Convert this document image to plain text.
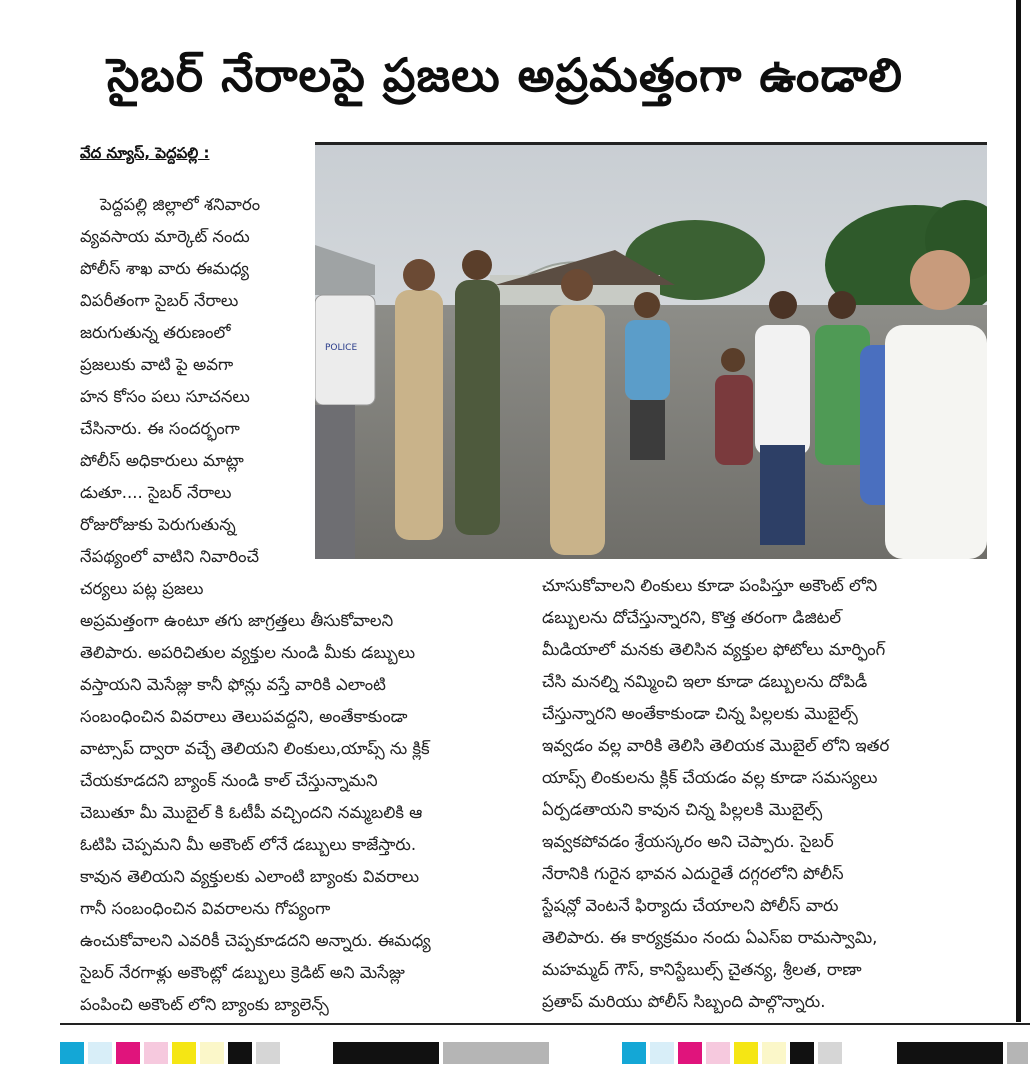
సైబర్ నేరాలపై ప్రజలు అప్రమత్తంగా ఉండాలి
వేద న్యూస్, పెద్దపల్లి :
పెద్దపల్లి జిల్లాలో శనివారం
వ్యవసాయ మార్కెట్ నందు
పోలీస్ శాఖ వారు ఈమధ్య
విపరీతంగా సైబర్ నేరాలు
జరుగుతున్న తరుణంలో
ప్రజలుకు వాటి పై అవగా
హన కోసం పలు సూచనలు
చేసినారు. ఈ సందర్భంగా
పోలీస్ అధికారులు మాట్లా
డుతూ.... సైబర్ నేరాలు
రోజురోజుకు పెరుగుతున్న
నేపథ్యంలో వాటిని నివారించే
చర్యలు పట్ల ప్రజలు
అప్రమత్తంగా ఉంటూ తగు జాగ్రత్తలు తీసుకోవాలని
తెలిపారు. అపరిచితుల వ్యక్తుల నుండి మీకు డబ్బులు
వస్తాయని మెసేజ్లు కానీ ఫోన్లు వస్తే వారికి ఎలాంటి
సంబంధించిన వివరాలు తెలుపవద్దని, అంతేకాకుండా
వాట్సాప్ ద్వారా వచ్చే తెలియని లింకులు,యాప్స్ ను క్లిక్
చేయకూడదని బ్యాంక్ నుండి కాల్ చేస్తున్నామని
చెబుతూ మీ మొబైల్ కి ఓటీపీ వచ్చిందని నమ్మబలికి ఆ
ఓటిపి చెప్పమని మీ అకౌంట్ లోనే డబ్బులు కాజేస్తారు.
కావున తెలియని వ్యక్తులకు ఎలాంటి బ్యాంకు వివరాలు
గానీ సంబంధించిన వివరాలను గోప్యంగా
ఉంచుకోవాలని ఎవరికీ చెప్పకూడదని అన్నారు. ఈమధ్య
సైబర్ నేరగాళ్లు అకౌంట్లో డబ్బులు క్రెడిట్ అని మెసేజ్లు
పంపించి అకౌంట్ లోని బ్యాంకు బ్యాలెన్స్
చూసుకోవాలని లింకులు కూడా పంపిస్తూ అకౌంట్ లోని
డబ్బులను దోచేస్తున్నారని, కొత్త తరంగా డిజిటల్
మీడియాలో మనకు తెలిసిన వ్యక్తుల ఫోటోలు మార్ఫింగ్
చేసి మనల్ని నమ్మించి ఇలా కూడా డబ్బులను దోపిడీ
చేస్తున్నారని అంతేకాకుండా చిన్న పిల్లలకు మొబైల్స్
ఇవ్వడం వల్ల వారికి తెలిసి తెలియక మొబైల్ లోని ఇతర
యాప్స్ లింకులను క్లిక్ చేయడం వల్ల కూడా సమస్యలు
ఏర్పడతాయని కావున చిన్న పిల్లలకి మొబైల్స్
ఇవ్వకపోవడం శ్రేయస్కరం అని చెప్పారు. సైబర్
నేరానికి గురైన భావన ఎదురైతే దగ్గరలోని పోలీస్
స్టేషన్లో వెంటనే ఫిర్యాదు చేయాలని పోలీస్ వారు
తెలిపారు. ఈ కార్యక్రమం నందు ఏఎస్ఐ రామస్వామి,
మహమ్మద్ గౌస్, కానిస్టేబుల్స్ చైతన్య, శ్రీలత, రాణా
ప్రతాప్ మరియు పోలీస్ సిబ్బంది పాల్గొన్నారు.
POLICE
